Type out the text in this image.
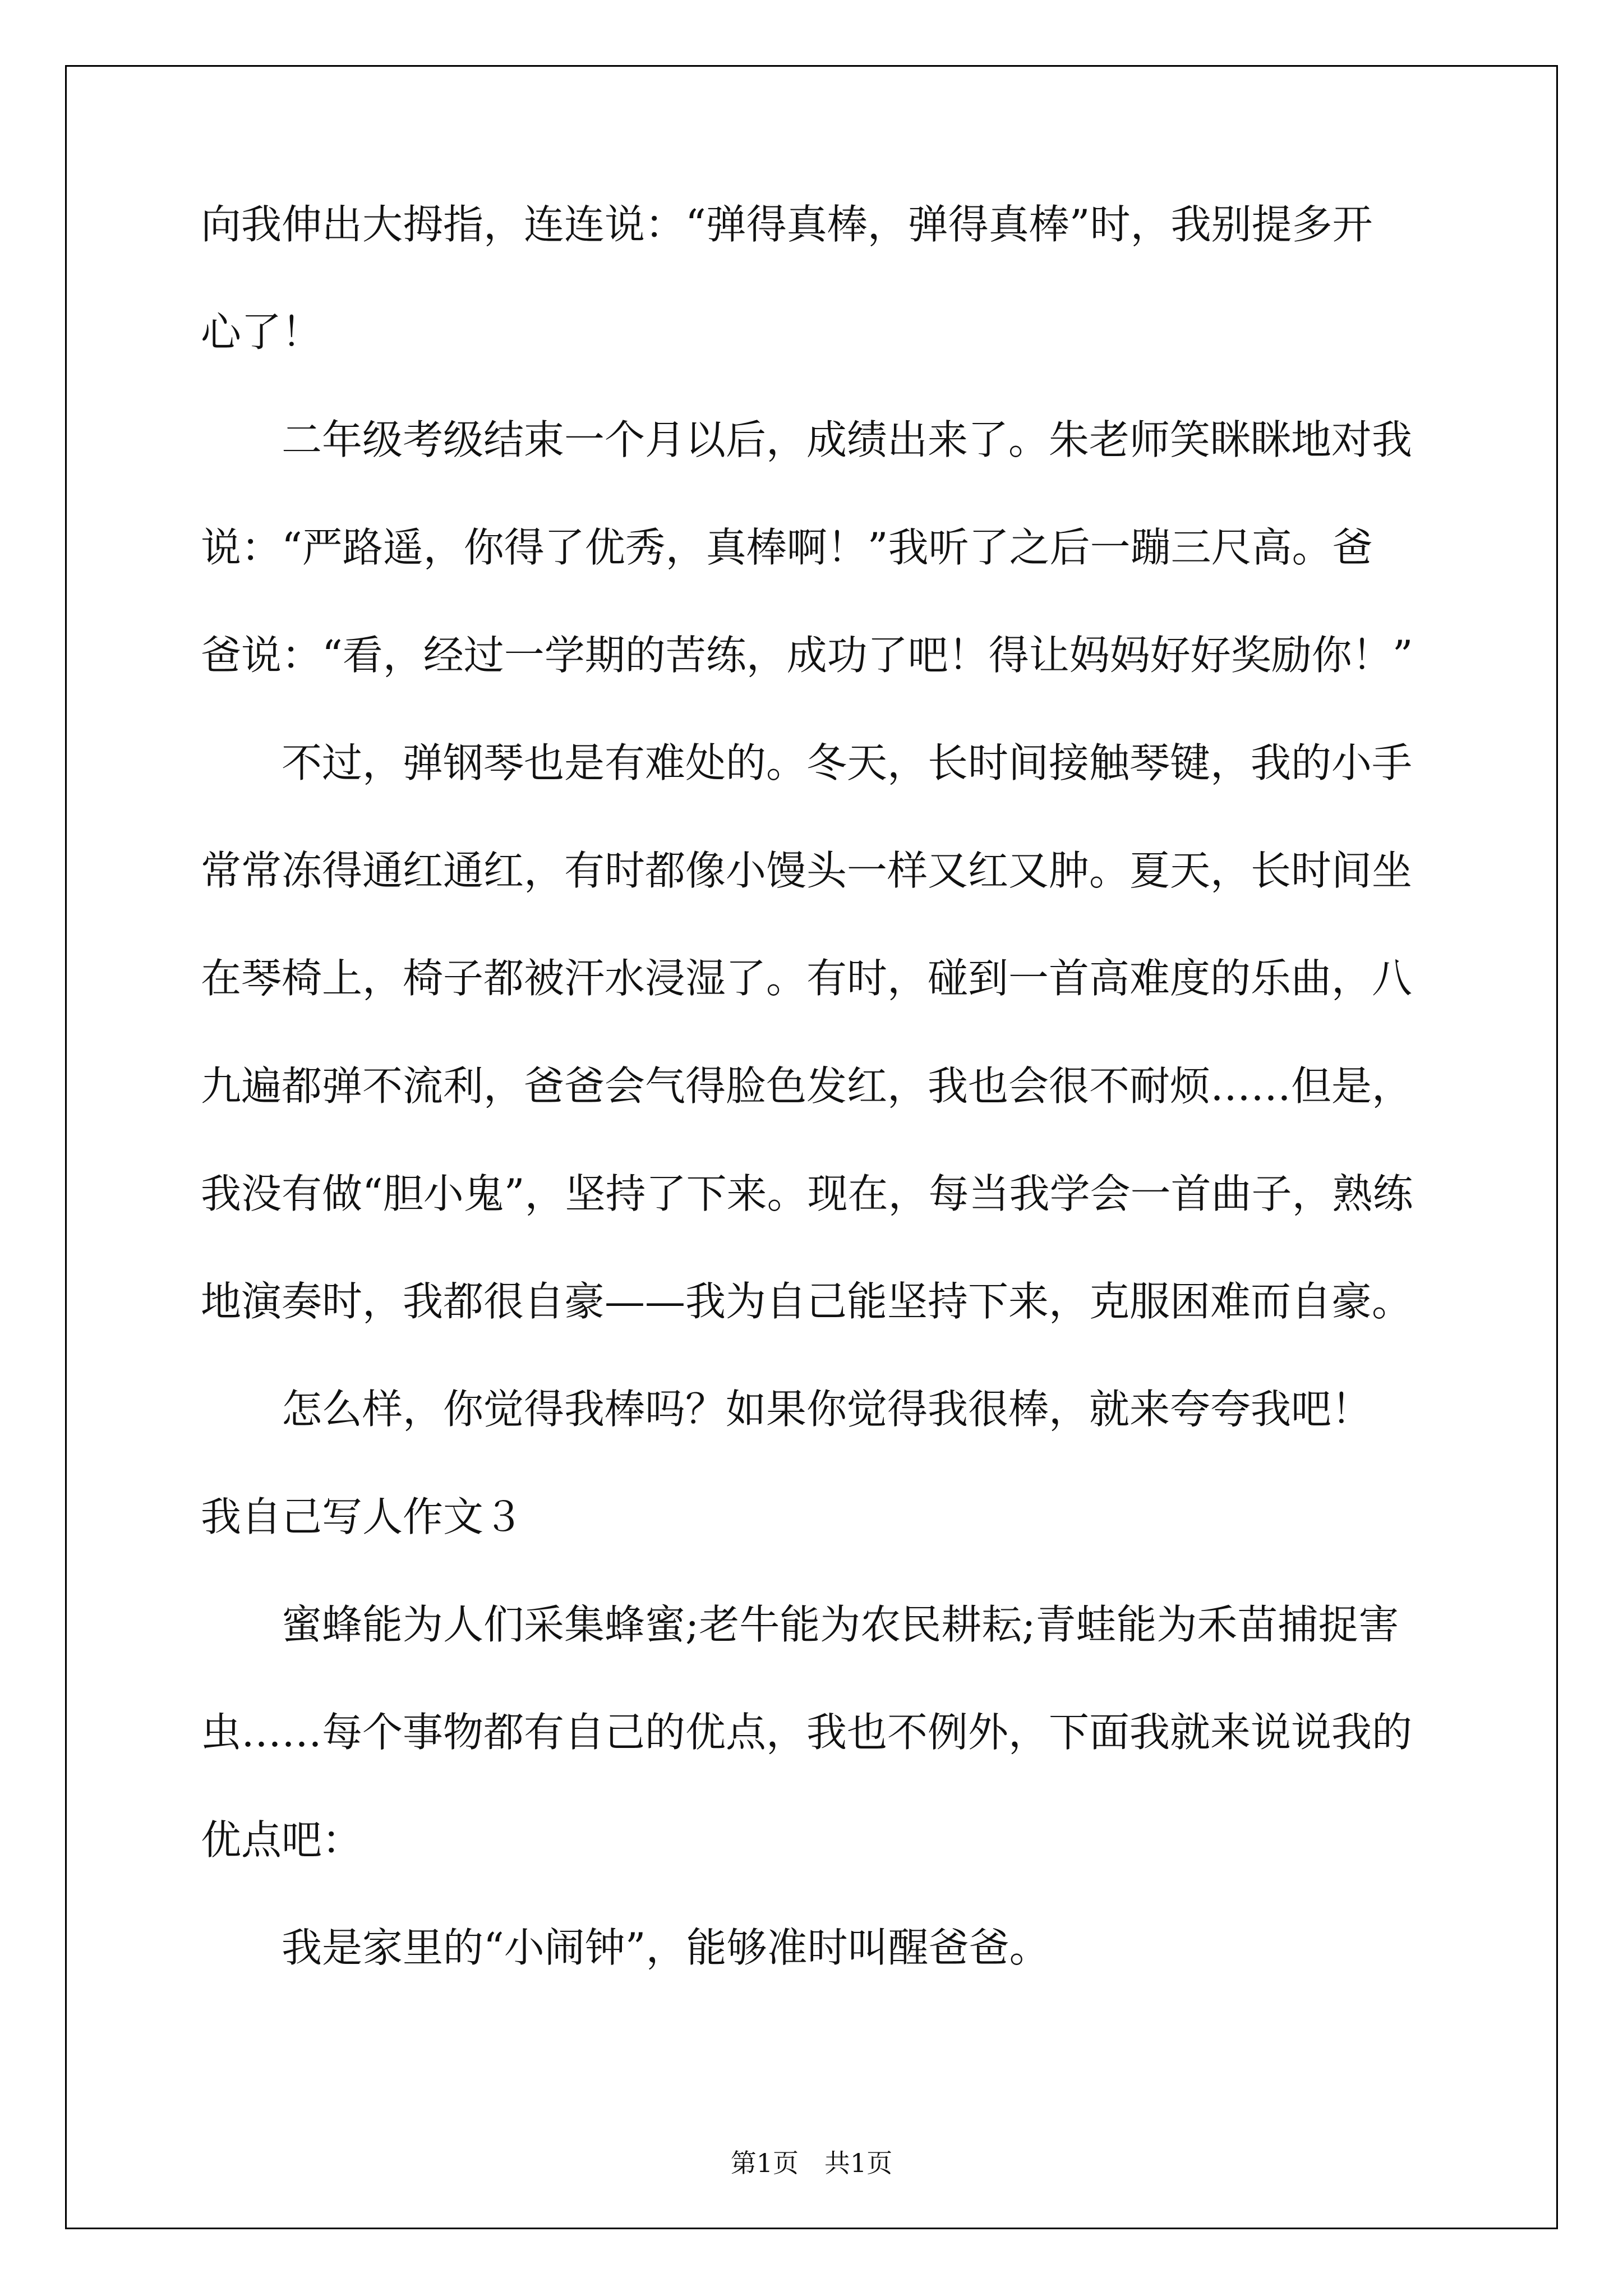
向我伸出大拇指，连连说：“弹得真棒，弹得真棒”时，我别提多开
心了！
二年级考级结束一个月以后，成绩出来了。朱老师笑眯眯地对我
说：“严路遥，你得了优秀，真棒啊！”我听了之后一蹦三尺高。爸
爸说：“看，经过一学期的苦练，成功了吧！得让妈妈好好奖励你！”
不过，弹钢琴也是有难处的。冬天，长时间接触琴键，我的小手
常常冻得通红通红，有时都像小馒头一样又红又肿。夏天，长时间坐
在琴椅上，椅子都被汗水浸湿了。有时，碰到一首高难度的乐曲，八
九遍都弹不流利，爸爸会气得脸色发红，我也会很不耐烦……但是，
我没有做“胆小鬼”，坚持了下来。现在，每当我学会一首曲子，熟练
地演奏时，我都很自豪——我为自己能坚持下来，克服困难而自豪。
怎么样，你觉得我棒吗？如果你觉得我很棒，就来夸夸我吧！
我自己写人作文３
蜜蜂能为人们采集蜂蜜;老牛能为农民耕耘;青蛙能为禾苗捕捉害
虫……每个事物都有自己的优点，我也不例外，下面我就来说说我的
优点吧：
我是家里的“小闹钟”，能够准时叫醒爸爸。
第1页　共1页
